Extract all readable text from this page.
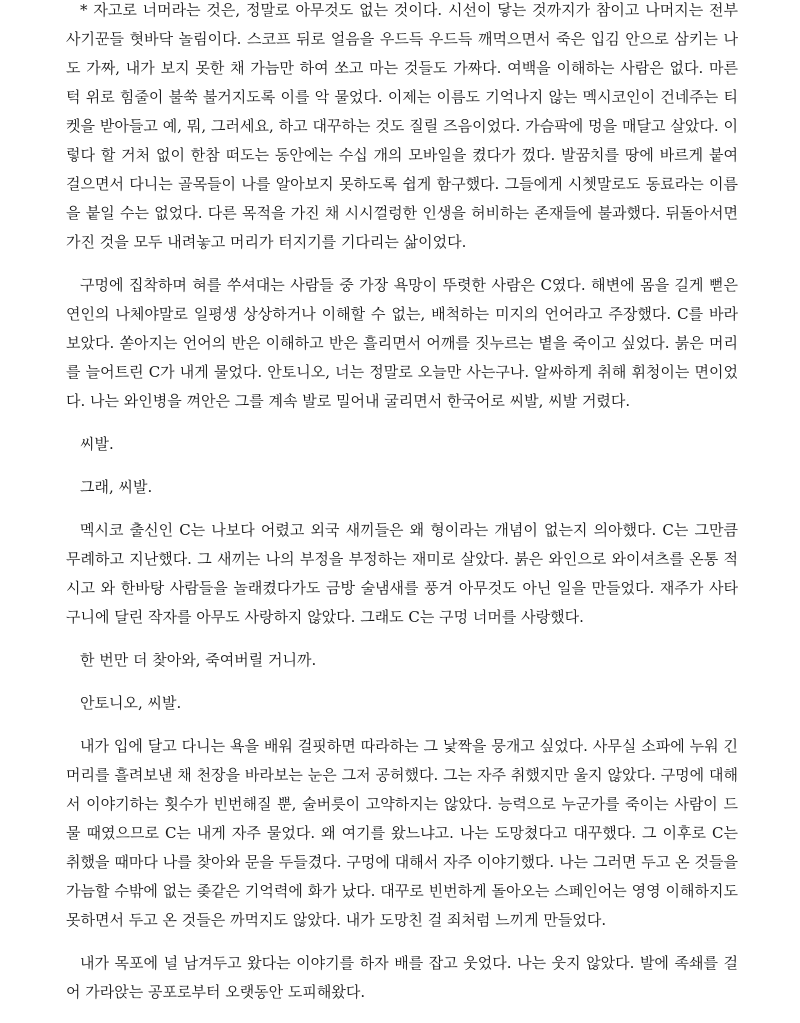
* 자고로 너머라는 것은, 정말로 아무것도 없는 것이다. 시선이 닿는 것까지가 참이고 나머지는 전부 사기꾼들 혓바닥 놀림이다. 스코프 뒤로 얼음을 우드득 우드득 깨먹으면서 죽은 입김 안으로 삼키는 나도 가짜, 내가 보지 못한 채 가늠만 하여 쏘고 마는 것들도 가짜다. 여백을 이해하는 사람은 없다. 마른 턱 위로 힘줄이 불쑥 불거지도록 이를 악 물었다. 이제는 이름도 기억나지 않는 멕시코인이 건네주는 티켓을 받아들고 예, 뭐, 그러세요, 하고 대꾸하는 것도 질릴 즈음이었다. 가슴팍에 멍을 매달고 살았다. 이렇다 할 거처 없이 한참 떠도는 동안에는 수십 개의 모바일을 켰다가 껐다. 발꿈치를 땅에 바르게 붙여 걸으면서 다니는 골목들이 나를 알아보지 못하도록 쉽게 함구했다. 그들에게 시쳇말로도 동료라는 이름을 붙일 수는 없었다. 다른 목적을 가진 채 시시껄렁한 인생을 허비하는 존재들에 불과했다. 뒤돌아서면 가진 것을 모두 내려놓고 머리가 터지기를 기다리는 삶이었다.

구멍에 집착하며 혀를 쑤셔대는 사람들 중 가장 욕망이 뚜렷한 사람은 C였다. 해변에 몸을 길게 뻗은 연인의 나체야말로 일평생 상상하거나 이해할 수 없는, 배척하는 미지의 언어라고 주장했다. C를 바라보았다. 쏟아지는 언어의 반은 이해하고 반은 흘리면서 어깨를 짓누르는 볕을 죽이고 싶었다. 붉은 머리를 늘어트린 C가 내게 물었다. 안토니오, 너는 정말로 오늘만 사는구나. 알싸하게 취해 휘청이는 면이었다. 나는 와인병을 껴안은 그를 계속 발로 밀어내 굴리면서 한국어로 씨발, 씨발 거렸다.

씨발.

그래, 씨발.

멕시코 출신인 C는 나보다 어렸고 외국 새끼들은 왜 형이라는 개념이 없는지 의아했다. C는 그만큼 무례하고 지난했다. 그 새끼는 나의 부정을 부정하는 재미로 살았다. 붉은 와인으로 와이셔츠를 온통 적시고 와 한바탕 사람들을 놀래켰다가도 금방 술냄새를 풍겨 아무것도 아닌 일을 만들었다. 재주가 사타구니에 달린 작자를 아무도 사랑하지 않았다. 그래도 C는 구멍 너머를 사랑했다.

한 번만 더 찾아와, 죽여버릴 거니까.

안토니오, 씨발.

내가 입에 달고 다니는 욕을 배워 걸핏하면 따라하는 그 낯짝을 뭉개고 싶었다. 사무실 소파에 누워 긴 머리를 흘려보낸 채 천장을 바라보는 눈은 그저 공허했다. 그는 자주 취했지만 울지 않았다. 구멍에 대해서 이야기하는 횟수가 빈번해질 뿐, 술버릇이 고약하지는 않았다. 능력으로 누군가를 죽이는 사람이 드물 때였으므로 C는 내게 자주 물었다. 왜 여기를 왔느냐고. 나는 도망쳤다고 대꾸했다. 그 이후로 C는 취했을 때마다 나를 찾아와 문을 두들겼다. 구멍에 대해서 자주 이야기했다. 나는 그러면 두고 온 것들을 가늠할 수밖에 없는 좆같은 기억력에 화가 났다. 대꾸로 빈번하게 돌아오는 스페인어는 영영 이해하지도 못하면서 두고 온 것들은 까먹지도 않았다. 내가 도망친 걸 죄처럼 느끼게 만들었다.

내가 목포에 널 남겨두고 왔다는 이야기를 하자 배를 잡고 웃었다. 나는 웃지 않았다. 발에 족쇄를 걸어 가라앉는 공포로부터 오랫동안 도피해왔다.
